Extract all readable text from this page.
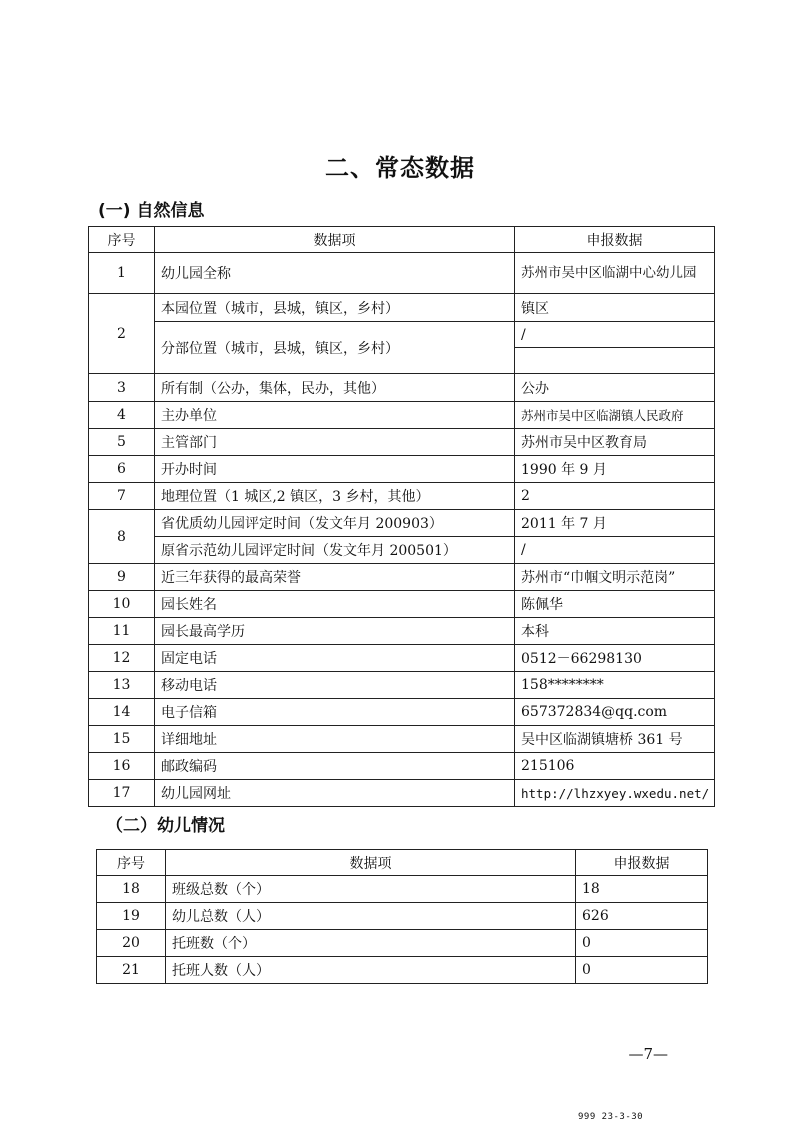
二、常态数据
(一) 自然信息
序号	数据项	申报数据
1	幼儿园全称	苏州市吴中区临湖中心幼儿园
2	本园位置（城市，县城，镇区，乡村）	镇区
	分部位置（城市，县城，镇区，乡村）	/

3	所有制（公办，集体，民办，其他）	公办
4	主办单位	苏州市吴中区临湖镇人民政府
5	主管部门	苏州市吴中区教育局
6	开办时间	1990 年 9 月
7	地理位置（1 城区,2 镇区，3 乡村，其他）	2
8	省优质幼儿园评定时间（发文年月 200903）	2011 年 7 月
	原省示范幼儿园评定时间（发文年月 200501）	/
9	近三年获得的最高荣誉	苏州市“巾帼文明示范岗”
10	园长姓名	陈佩华
11	园长最高学历	本科
12	固定电话	0512－66298130
13	移动电话	158********
14	电子信箱	657372834@qq.com
15	详细地址	吴中区临湖镇塘桥 361 号
16	邮政编码	215106
17	幼儿园网址	http://lhzxyey.wxedu.net/
（二）幼儿情况
序号	数据项	申报数据
18	班级总数（个）	18
19	幼儿总数（人）	626
20	托班数（个）	0
21	托班人数（人）	0
—7—
999 23-3-30
